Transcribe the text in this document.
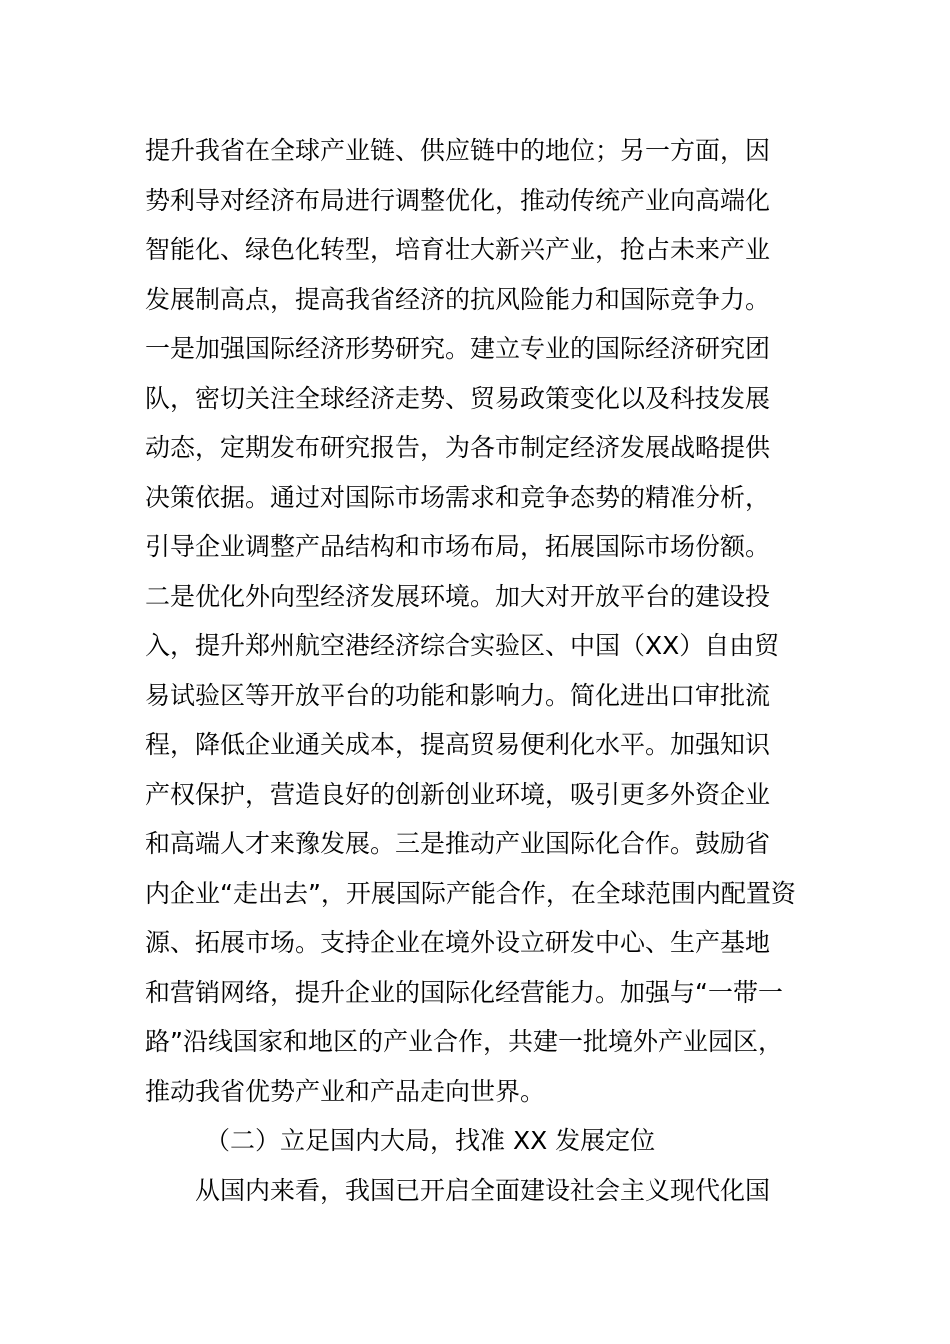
提升我省在全球产业链、供应链中的地位；另一方面，因
势利导对经济布局进行调整优化，推动传统产业向高端化
智能化、绿色化转型，培育壮大新兴产业，抢占未来产业
发展制高点，提高我省经济的抗风险能力和国际竞争力。
一是加强国际经济形势研究。建立专业的国际经济研究团
队，密切关注全球经济走势、贸易政策变化以及科技发展
动态，定期发布研究报告，为各市制定经济发展战略提供
决策依据。通过对国际市场需求和竞争态势的精准分析，
引导企业调整产品结构和市场布局，拓展国际市场份额。
二是优化外向型经济发展环境。加大对开放平台的建设投
入，提升郑州航空港经济综合实验区、中国（XX）自由贸
易试验区等开放平台的功能和影响力。简化进出口审批流
程，降低企业通关成本，提高贸易便利化水平。加强知识
产权保护，营造良好的创新创业环境，吸引更多外资企业
和高端人才来豫发展。三是推动产业国际化合作。鼓励省
内企业“走出去”，开展国际产能合作，在全球范围内配置资
源、拓展市场。支持企业在境外设立研发中心、生产基地
和营销网络，提升企业的国际化经营能力。加强与“一带一
路”沿线国家和地区的产业合作，共建一批境外产业园区，
推动我省优势产业和产品走向世界。
（二）立足国内大局，找准 XX 发展定位
从国内来看，我国已开启全面建设社会主义现代化国
